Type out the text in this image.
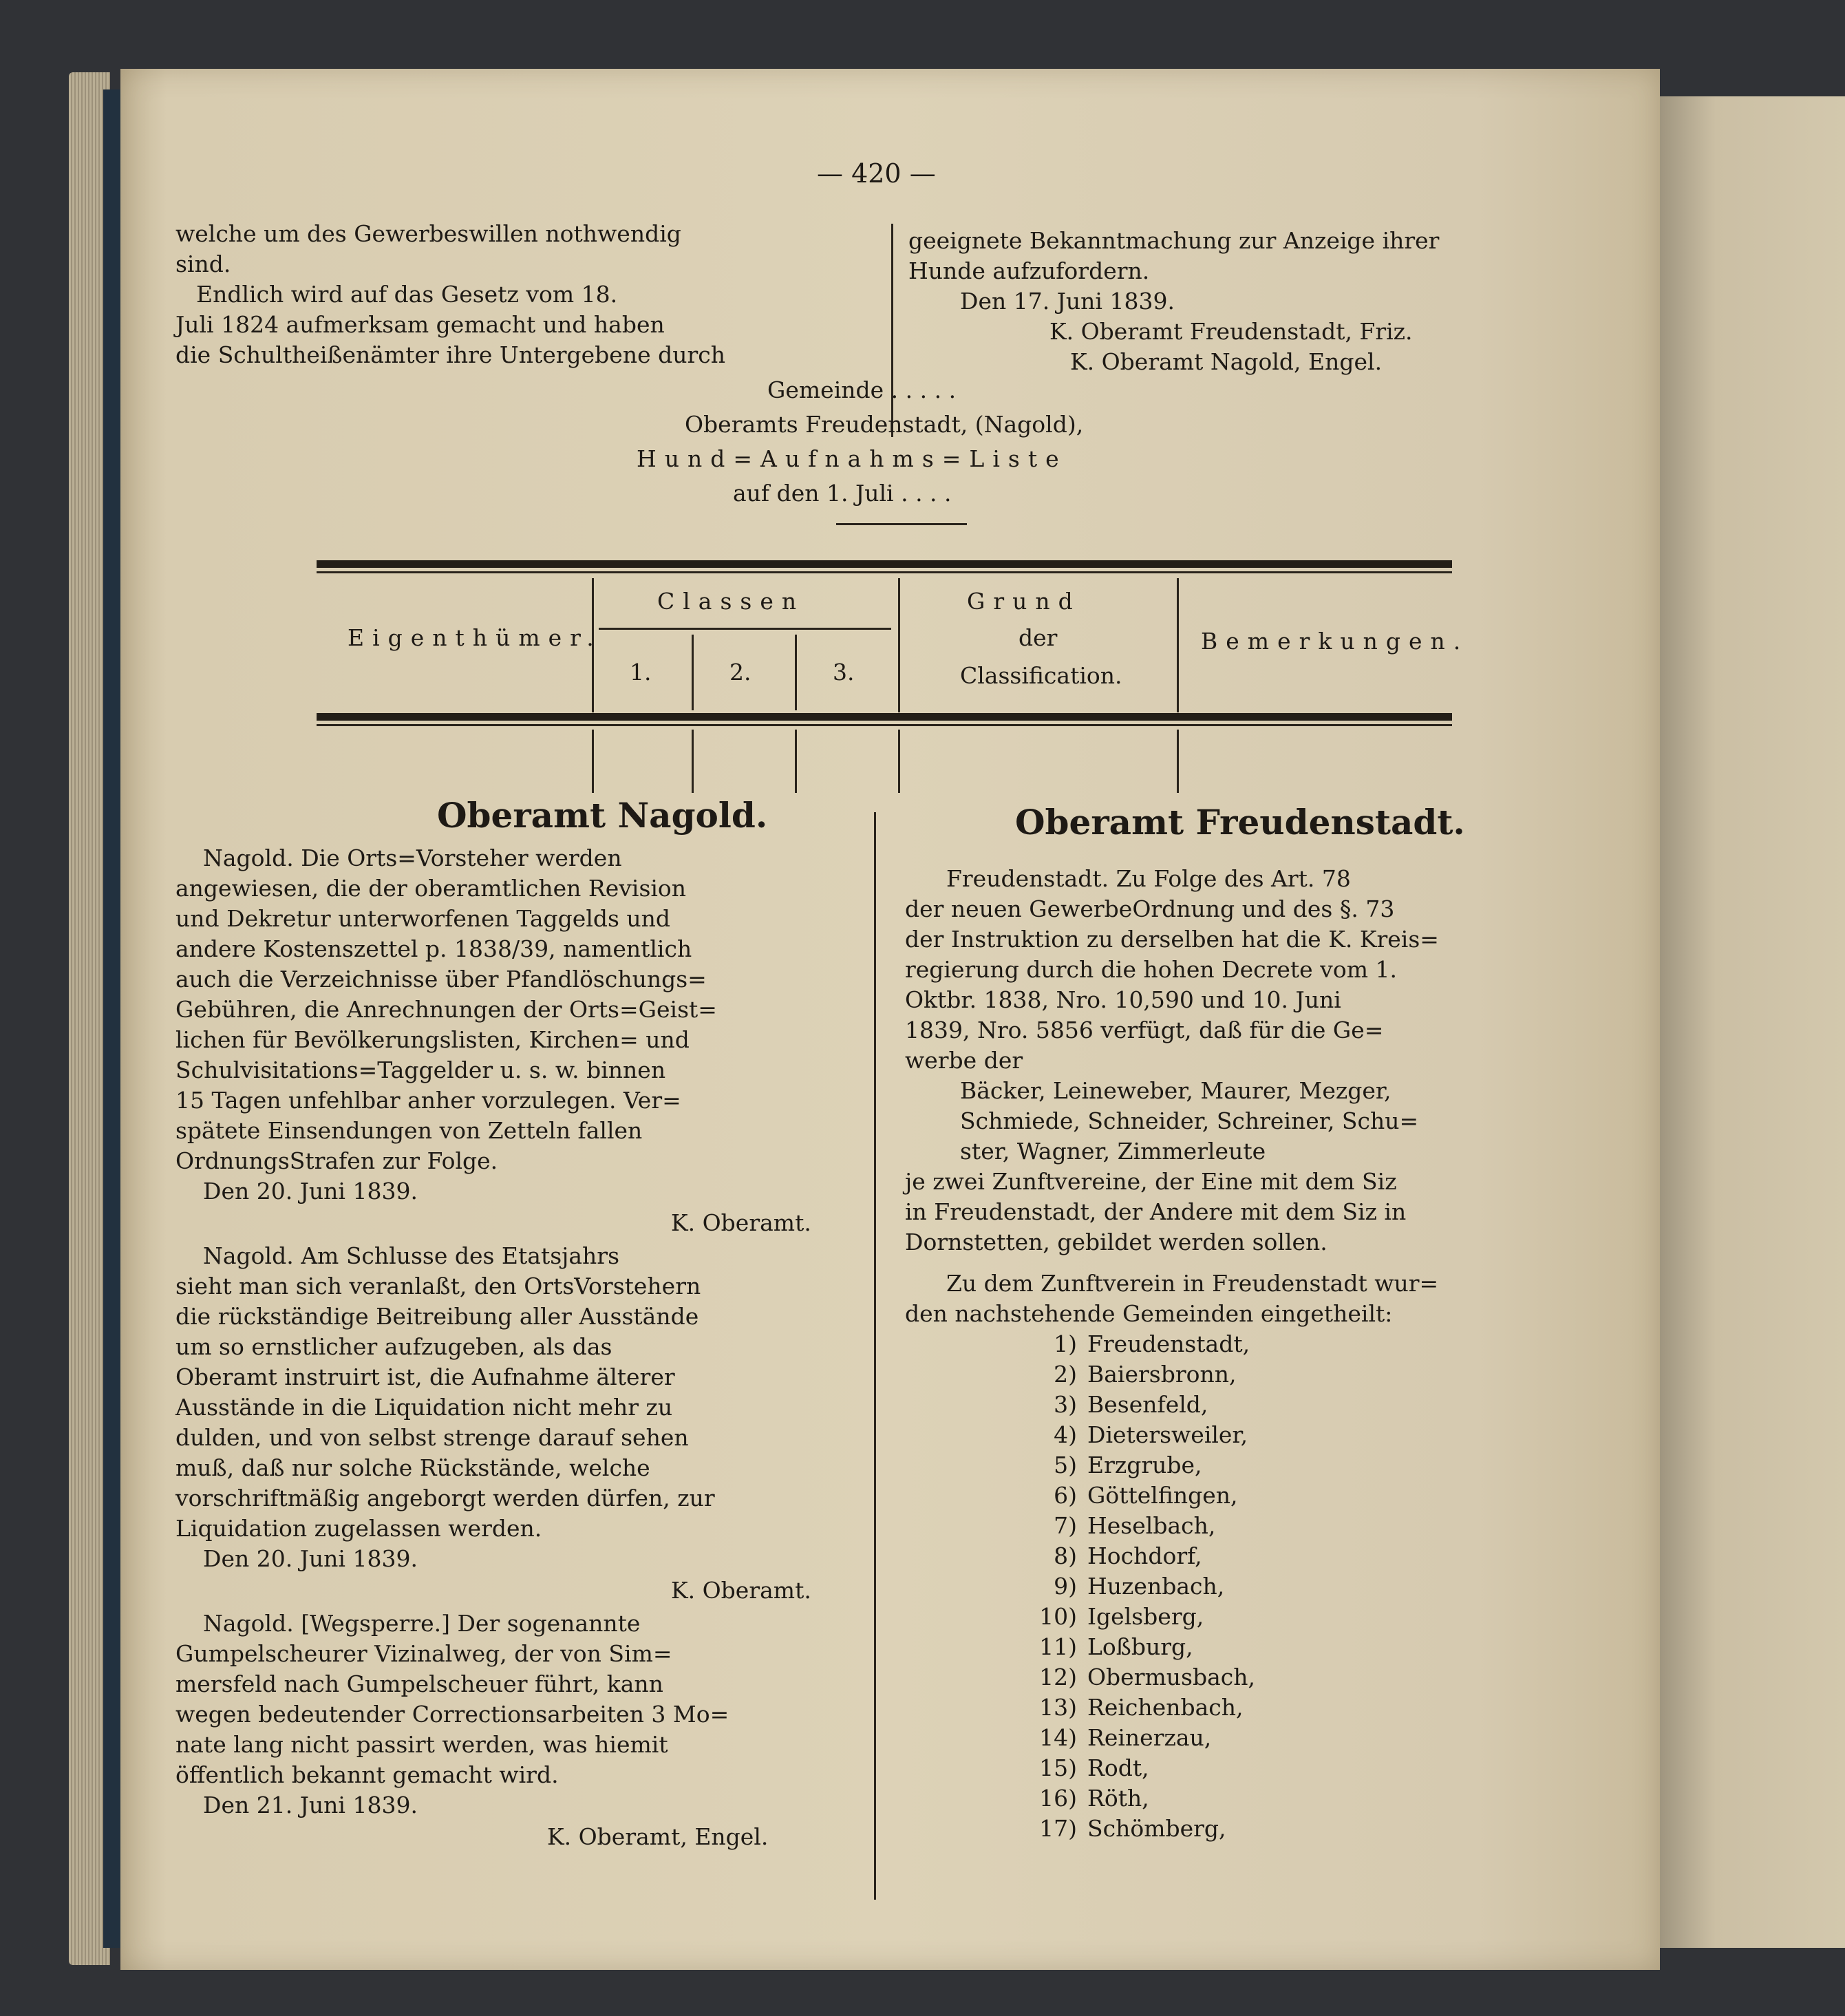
— 420 —

welche um des Gewerbeswillen nothwendig

sind.

Endlich wird auf das Gesetz vom 18.

Juli 1824 aufmerksam gemacht und haben

die Schultheißenämter ihre Untergebene durch

geeignete Bekanntmachung zur Anzeige ihrer

Hunde aufzufordern.

Den 17. Juni 1839.

K. Oberamt Freudenstadt, Friz.

K. Oberamt Nagold, Engel.

Gemeinde . . . . .

Oberamts Freudenstadt, (Nagold),

Hund=Aufnahms=Liste

auf den 1. Juli . . . .

Eigenthümer.

Classen

1.	2.	3.

Grund

der

Classification.

Bemerkungen.

Oberamt Nagold.

Nagold. Die Orts=Vorsteher werden

angewiesen, die der oberamtlichen Revision

und Dekretur unterworfenen Taggelds und

andere Kostenszettel p. 1838/39, namentlich

auch die Verzeichnisse über Pfandlöschungs=

Gebühren, die Anrechnungen der Orts=Geist=

lichen für Bevölkerungslisten, Kirchen= und

Schulvisitations=Taggelder u. s. w. binnen

15 Tagen unfehlbar anher vorzulegen. Ver=

spätete Einsendungen von Zetteln fallen

OrdnungsStrafen zur Folge.

Den 20. Juni 1839.

K. Oberamt.

Nagold. Am Schlusse des Etatsjahrs

sieht man sich veranlaßt, den OrtsVorstehern

die rückständige Beitreibung aller Ausstände

um so ernstlicher aufzugeben, als das

Oberamt instruirt ist, die Aufnahme älterer

Ausstände in die Liquidation nicht mehr zu

dulden, und von selbst strenge darauf sehen

muß, daß nur solche Rückstände, welche

vorschriftmäßig angeborgt werden dürfen, zur

Liquidation zugelassen werden.

Den 20. Juni 1839.

K. Oberamt.

Nagold. [Wegsperre.] Der sogenannte

Gumpelscheurer Vizinalweg, der von Sim=

mersfeld nach Gumpelscheuer führt, kann

wegen bedeutender Correctionsarbeiten 3 Mo=

nate lang nicht passirt werden, was hiemit

öffentlich bekannt gemacht wird.

Den 21. Juni 1839.

K. Oberamt, Engel.

Oberamt Freudenstadt.

Freudenstadt. Zu Folge des Art. 78

der neuen GewerbeOrdnung und des §. 73

der Instruktion zu derselben hat die K. Kreis=

regierung durch die hohen Decrete vom 1.

Oktbr. 1838, Nro. 10,590 und 10. Juni

1839, Nro. 5856 verfügt, daß für die Ge=

werbe der

Bäcker, Leineweber, Maurer, Mezger,

Schmiede, Schneider, Schreiner, Schu=

ster, Wagner, Zimmerleute

je zwei Zunftvereine, der Eine mit dem Siz

in Freudenstadt, der Andere mit dem Siz in

Dornstetten, gebildet werden sollen.

Zu dem Zunftverein in Freudenstadt wur=

den nachstehende Gemeinden eingetheilt:

1) Freudenstadt,

2) Baiersbronn,

3) Besenfeld,

4) Dietersweiler,

5) Erzgrube,

6) Göttelfingen,

7) Heselbach,

8) Hochdorf,

9) Huzenbach,

10) Igelsberg,

11) Loßburg,

12) Obermusbach,

13) Reichenbach,

14) Reinerzau,

15) Rodt,

16) Röth,

17) Schömberg,
